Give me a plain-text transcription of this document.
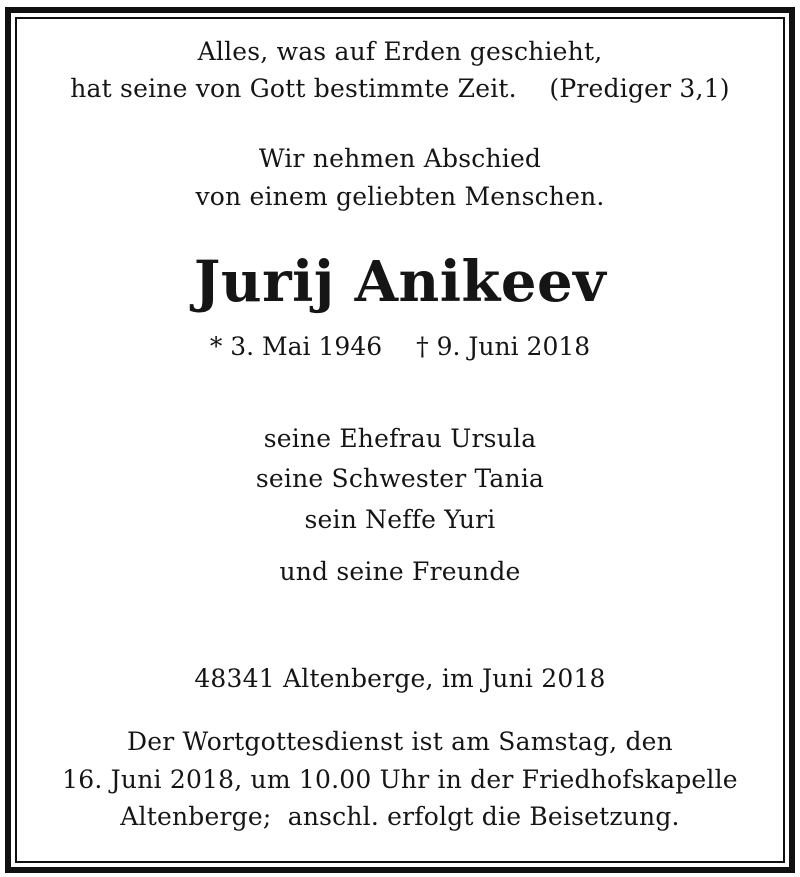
Alles, was auf Erden geschieht,
hat seine von Gott bestimmte Zeit. (Prediger 3,1)
Wir nehmen Abschied
von einem geliebten Menschen.
Jurij Anikeev
* 3. Mai 1946 † 9. Juni 2018
seine Ehefrau Ursula
seine Schwester Tania
sein Neffe Yuri
und seine Freunde
48341 Altenberge, im Juni 2018
Der Wortgottesdienst ist am Samstag, den
16. Juni 2018, um 10.00 Uhr in der Friedhofskapelle
Altenberge;  anschl. erfolgt die Beisetzung.
